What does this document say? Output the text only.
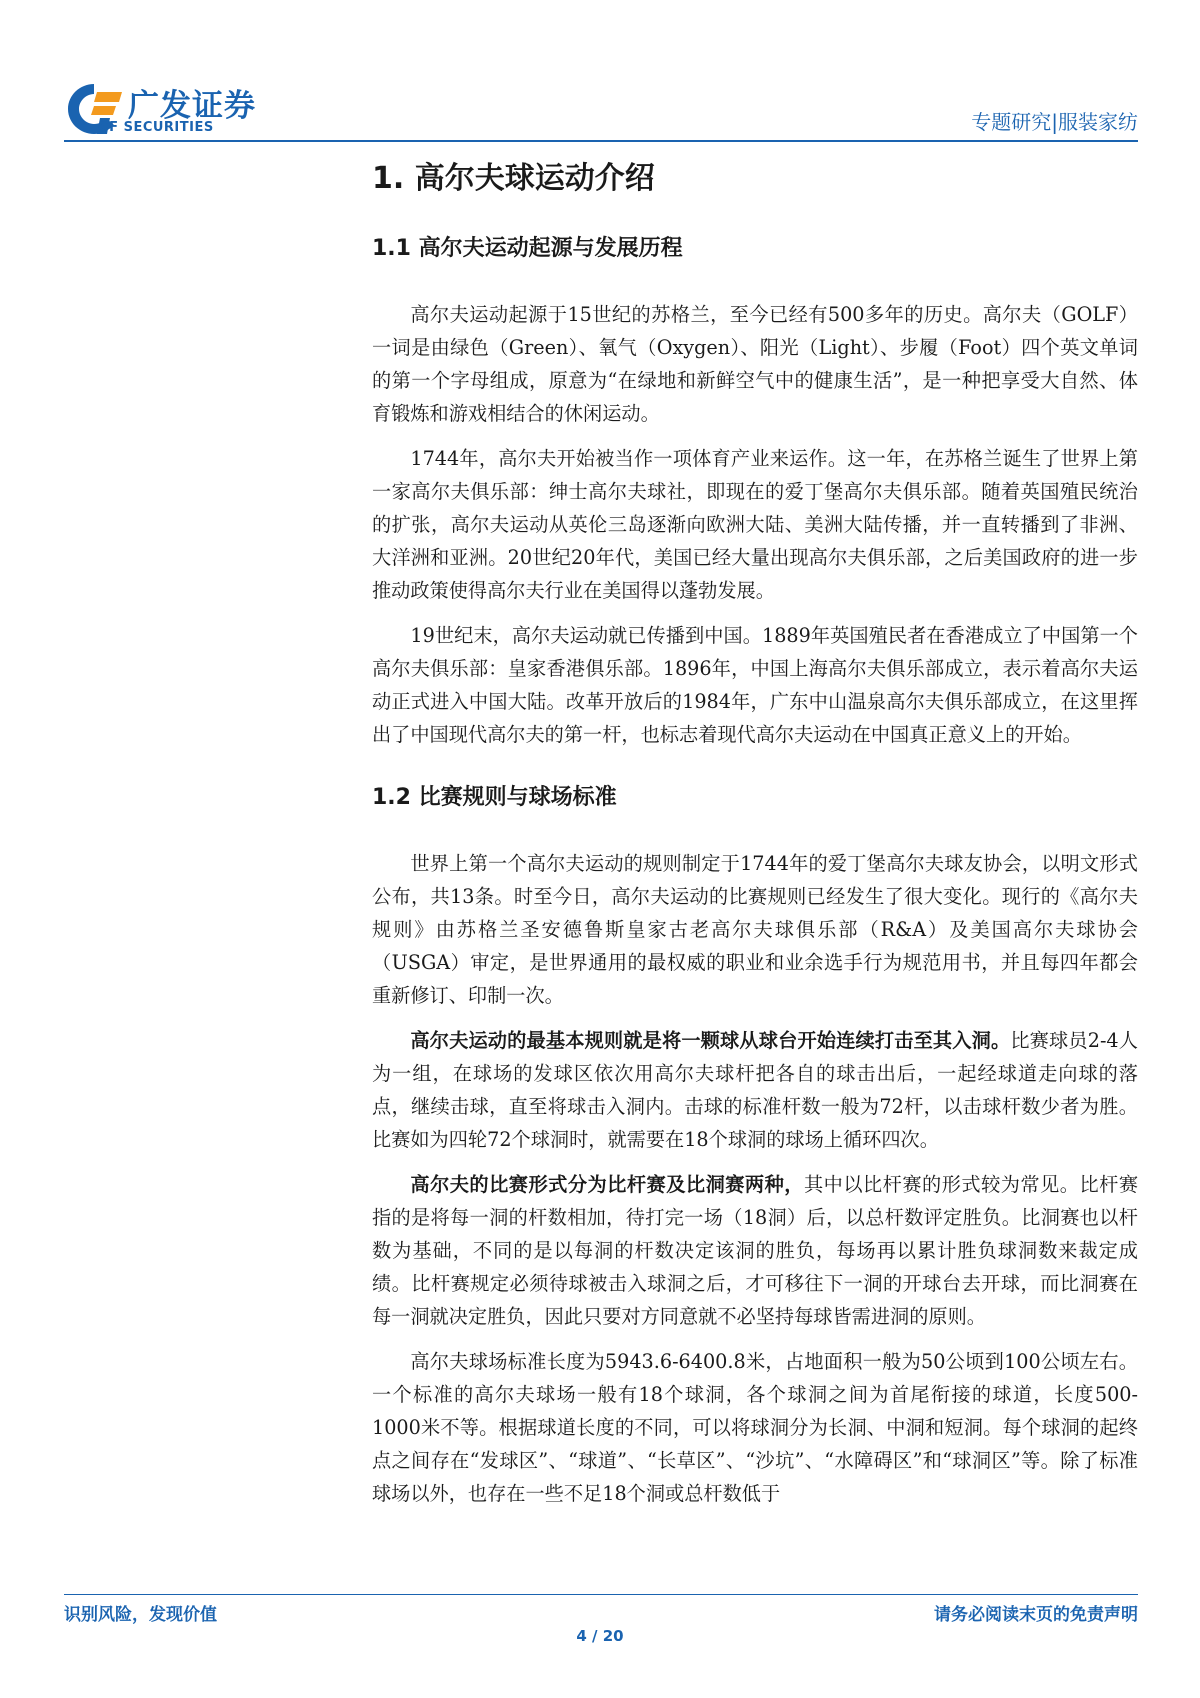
广发证券
GF SECURITIES	专题研究|服装家纺
1. 高尔夫球运动介绍
1.1 高尔夫运动起源与发展历程

高尔夫运动起源于15世纪的苏格兰，至今已经有500多年的历史。高尔夫（GOLF）一词是由绿色（Green）、氧气（Oxygen）、阳光（Light）、步履（Foot）四个英文单词的第一个字母组成，原意为“在绿地和新鲜空气中的健康生活”，是一种把享受大自然、体育锻炼和游戏相结合的休闲运动。

1744年，高尔夫开始被当作一项体育产业来运作。这一年，在苏格兰诞生了世界上第一家高尔夫俱乐部：绅士高尔夫球社，即现在的爱丁堡高尔夫俱乐部。随着英国殖民统治的扩张，高尔夫运动从英伦三岛逐渐向欧洲大陆、美洲大陆传播，并一直转播到了非洲、大洋洲和亚洲。20世纪20年代，美国已经大量出现高尔夫俱乐部，之后美国政府的进一步推动政策使得高尔夫行业在美国得以蓬勃发展。

19世纪末，高尔夫运动就已传播到中国。1889年英国殖民者在香港成立了中国第一个高尔夫俱乐部：皇家香港俱乐部。1896年，中国上海高尔夫俱乐部成立，表示着高尔夫运动正式进入中国大陆。改革开放后的1984年，广东中山温泉高尔夫俱乐部成立，在这里挥出了中国现代高尔夫的第一杆，也标志着现代高尔夫运动在中国真正意义上的开始。

1.2 比赛规则与球场标准

世界上第一个高尔夫运动的规则制定于1744年的爱丁堡高尔夫球友协会，以明文形式公布，共13条。时至今日，高尔夫运动的比赛规则已经发生了很大变化。现行的《高尔夫规则》由苏格兰圣安德鲁斯皇家古老高尔夫球俱乐部（R&A）及美国高尔夫球协会（USGA）审定，是世界通用的最权威的职业和业余选手行为规范用书，并且每四年都会重新修订、印制一次。

高尔夫运动的最基本规则就是将一颗球从球台开始连续打击至其入洞。比赛球员2-4人为一组，在球场的发球区依次用高尔夫球杆把各自的球击出后，一起经球道走向球的落点，继续击球，直至将球击入洞内。击球的标准杆数一般为72杆，以击球杆数少者为胜。比赛如为四轮72个球洞时，就需要在18个球洞的球场上循环四次。

高尔夫的比赛形式分为比杆赛及比洞赛两种，其中以比杆赛的形式较为常见。比杆赛指的是将每一洞的杆数相加，待打完一场（18洞）后，以总杆数评定胜负。比洞赛也以杆数为基础，不同的是以每洞的杆数决定该洞的胜负，每场再以累计胜负球洞数来裁定成绩。比杆赛规定必须待球被击入球洞之后，才可移往下一洞的开球台去开球，而比洞赛在每一洞就决定胜负，因此只要对方同意就不必坚持每球皆需进洞的原则。

高尔夫球场标准长度为5943.6-6400.8米，占地面积一般为50公顷到100公顷左右。一个标准的高尔夫球场一般有18个球洞，各个球洞之间为首尾衔接的球道，长度500-1000米不等。根据球道长度的不同，可以将球洞分为长洞、中洞和短洞。每个球洞的起终点之间存在“发球区”、“球道”、“长草区”、“沙坑”、“水障碍区”和“球洞区”等。除了标准球场以外，也存在一些不足18个洞或总杆数低于

识别风险，发现价值	请务必阅读末页的免责声明
4 / 20
